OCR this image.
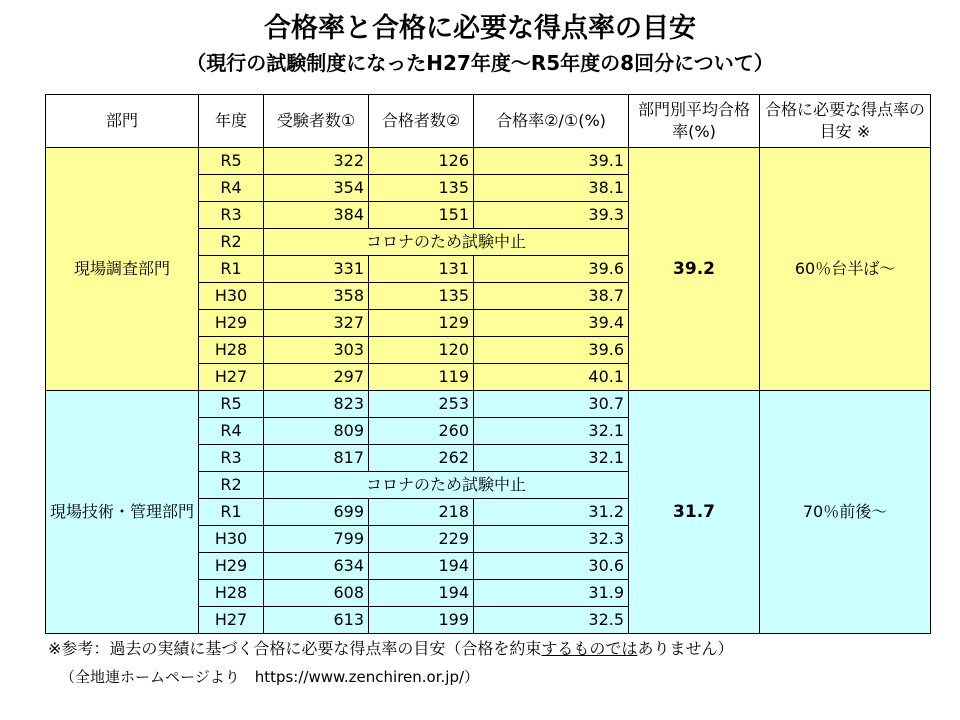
合格率と合格に必要な得点率の目安
（現行の試験制度になったH27年度～R5年度の8回分について）
部門	年度	受験者数①	合格者数②	合格率②/①(%)	部門別平均合格率(%)	合格に必要な得点率の目安 ※
現場調査部門	R5	322	126	39.1	39.2	60％台半ば～
	R4	354	135	38.1		
	R3	384	151	39.3		
	R2	コロナのため試験中止				
	R1	331	131	39.6		
	H30	358	135	38.7		
	H29	327	129	39.4		
	H28	303	120	39.6		
	H27	297	119	40.1		
現場技術・管理部門	R5	823	253	30.7	31.7	70％前後～
	R4	809	260	32.1		
	R3	817	262	32.1		
	R2	コロナのため試験中止				
	R1	699	218	31.2		
	H30	799	229	32.3		
	H29	634	194	30.6		
	H28	608	194	31.9		
	H27	613	199	32.5		
※参考：過去の実績に基づく合格に必要な得点率の目安（合格を約束するものではありません）
（全地連ホームページより　https://www.zenchiren.or.jp/）
